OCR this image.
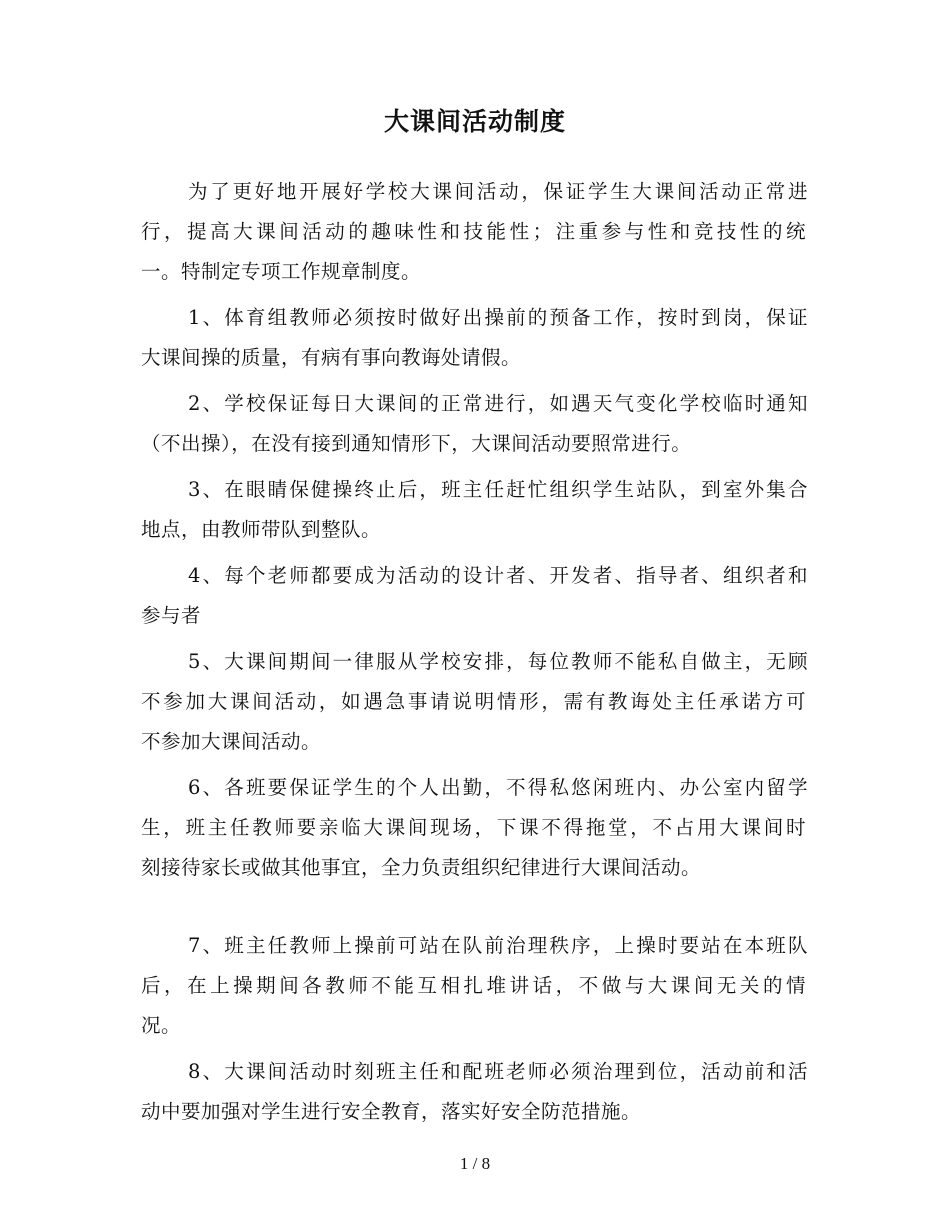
大课间活动制度
为了更好地开展好学校大课间活动，保证学生大课间活动正常进
行，提高大课间活动的趣味性和技能性；注重参与性和竞技性的统
一。特制定专项工作规章制度。
1、体育组教师必须按时做好出操前的预备工作，按时到岗，保证
大课间操的质量，有病有事向教诲处请假。
2、学校保证每日大课间的正常进行，如遇天气变化学校临时通知
（不出操），在没有接到通知情形下，大课间活动要照常进行。
3、在眼睛保健操终止后，班主任赶忙组织学生站队，到室外集合
地点，由教师带队到整队。
4、每个老师都要成为活动的设计者、开发者、指导者、组织者和
参与者
5、大课间期间一律服从学校安排，每位教师不能私自做主，无顾
不参加大课间活动，如遇急事请说明情形，需有教诲处主任承诺方可
不参加大课间活动。
6、各班要保证学生的个人出勤，不得私悠闲班内、办公室内留学
生，班主任教师要亲临大课间现场，下课不得拖堂，不占用大课间时
刻接待家长或做其他事宜，全力负责组织纪律进行大课间活动。
7、班主任教师上操前可站在队前治理秩序，上操时要站在本班队
后，在上操期间各教师不能互相扎堆讲话，不做与大课间无关的情
况。
8、大课间活动时刻班主任和配班老师必须治理到位，活动前和活
动中要加强对学生进行安全教育，落实好安全防范措施。
1 / 8
